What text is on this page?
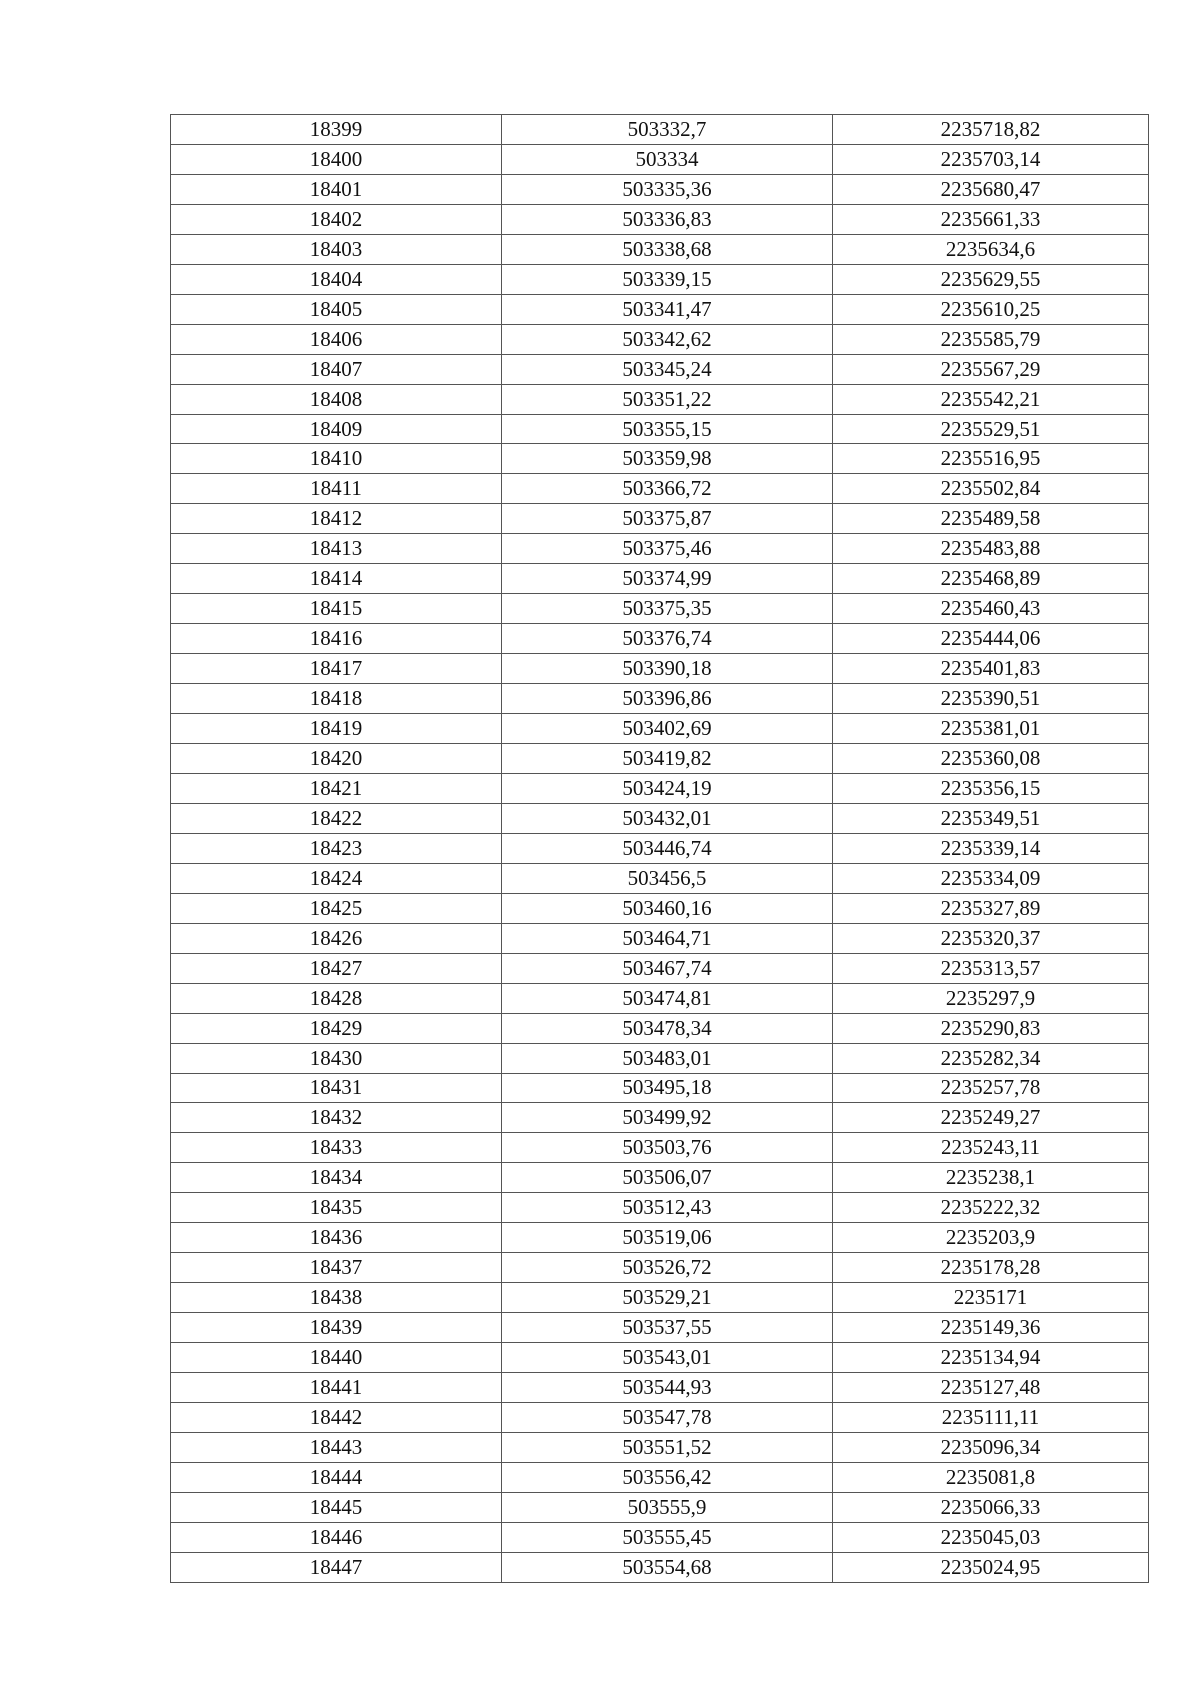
18399	503332,7	2235718,82
18400	503334	2235703,14
18401	503335,36	2235680,47
18402	503336,83	2235661,33
18403	503338,68	2235634,6
18404	503339,15	2235629,55
18405	503341,47	2235610,25
18406	503342,62	2235585,79
18407	503345,24	2235567,29
18408	503351,22	2235542,21
18409	503355,15	2235529,51
18410	503359,98	2235516,95
18411	503366,72	2235502,84
18412	503375,87	2235489,58
18413	503375,46	2235483,88
18414	503374,99	2235468,89
18415	503375,35	2235460,43
18416	503376,74	2235444,06
18417	503390,18	2235401,83
18418	503396,86	2235390,51
18419	503402,69	2235381,01
18420	503419,82	2235360,08
18421	503424,19	2235356,15
18422	503432,01	2235349,51
18423	503446,74	2235339,14
18424	503456,5	2235334,09
18425	503460,16	2235327,89
18426	503464,71	2235320,37
18427	503467,74	2235313,57
18428	503474,81	2235297,9
18429	503478,34	2235290,83
18430	503483,01	2235282,34
18431	503495,18	2235257,78
18432	503499,92	2235249,27
18433	503503,76	2235243,11
18434	503506,07	2235238,1
18435	503512,43	2235222,32
18436	503519,06	2235203,9
18437	503526,72	2235178,28
18438	503529,21	2235171
18439	503537,55	2235149,36
18440	503543,01	2235134,94
18441	503544,93	2235127,48
18442	503547,78	2235111,11
18443	503551,52	2235096,34
18444	503556,42	2235081,8
18445	503555,9	2235066,33
18446	503555,45	2235045,03
18447	503554,68	2235024,95
